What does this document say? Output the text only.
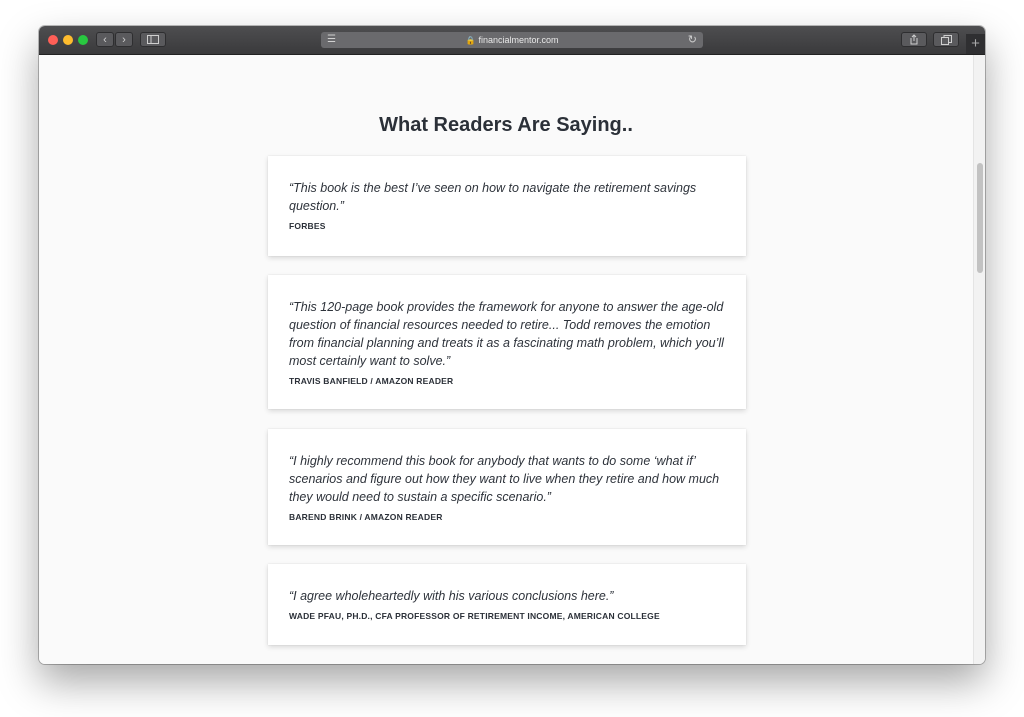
‹	›	☰	🔒 financialmentor.com	↻	+
What Readers Are Saying..

“This book is the best I’ve seen on how to navigate the retirement savings question.”

FORBES

“This 120-page book provides the framework for anyone to answer the age-old question of financial resources needed to retire... Todd removes the emotion from financial planning and treats it as a fascinating math problem, which you’ll most certainly want to solve.”

TRAVIS BANFIELD / AMAZON READER

“I highly recommend this book for anybody that wants to do some ‘what if’ scenarios and figure out how they want to live when they retire and how much they would need to sustain a specific scenario.”

BAREND BRINK / AMAZON READER

“I agree wholeheartedly with his various conclusions here.”

WADE PFAU, PH.D., CFA PROFESSOR OF RETIREMENT INCOME, AMERICAN COLLEGE
